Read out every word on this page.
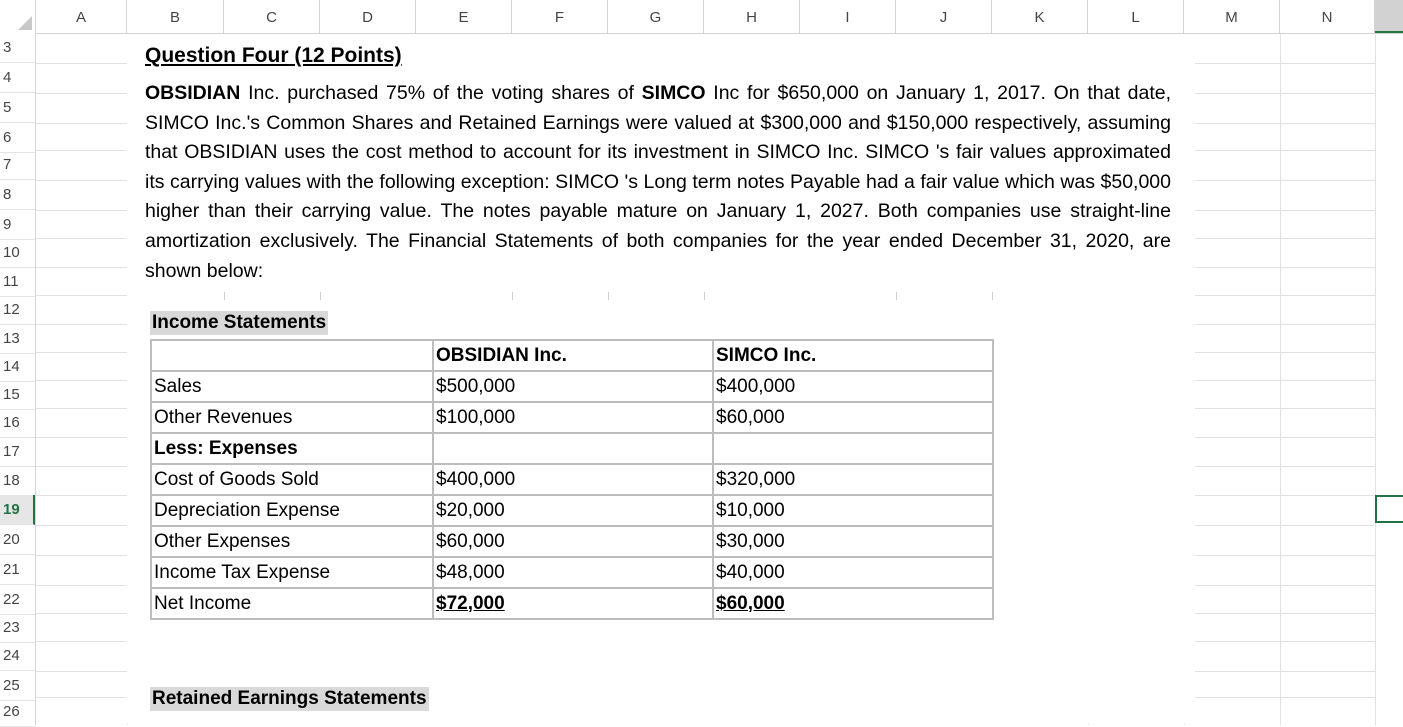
A	B	C	D	E	F	G	H	I	J	K	L	M	N
3
4
5
6
7
8
9
10
11
12
13
14
15
16
17
18
19
20
21
22
23
24
25
26
Question Four (12 Points)
OBSIDIAN Inc. purchased 75% of the voting shares of SIMCO Inc for $650,000 on January 1, 2017. On that date, SIMCO Inc.'s Common Shares and Retained Earnings were valued at $300,000 and $150,000 respectively, assuming that OBSIDIAN uses the cost method to account for its investment in SIMCO Inc. SIMCO 's fair values approximated its carrying values with the following exception: SIMCO 's Long term notes Payable had a fair value which was $50,000 higher than their carrying value. The notes payable mature on January 1, 2027. Both companies use straight-line amortization exclusively. The Financial Statements of both companies for the year ended December 31, 2020, are shown below:
Income Statements
	OBSIDIAN Inc.	SIMCO Inc.
Sales	$500,000	$400,000
Other Revenues	$100,000	$60,000
Less: Expenses		
Cost of Goods Sold	$400,000	$320,000
Depreciation Expense	$20,000	$10,000
Other Expenses	$60,000	$30,000
Income Tax Expense	$48,000	$40,000
Net Income	$72,000	$60,000
Retained Earnings Statements
